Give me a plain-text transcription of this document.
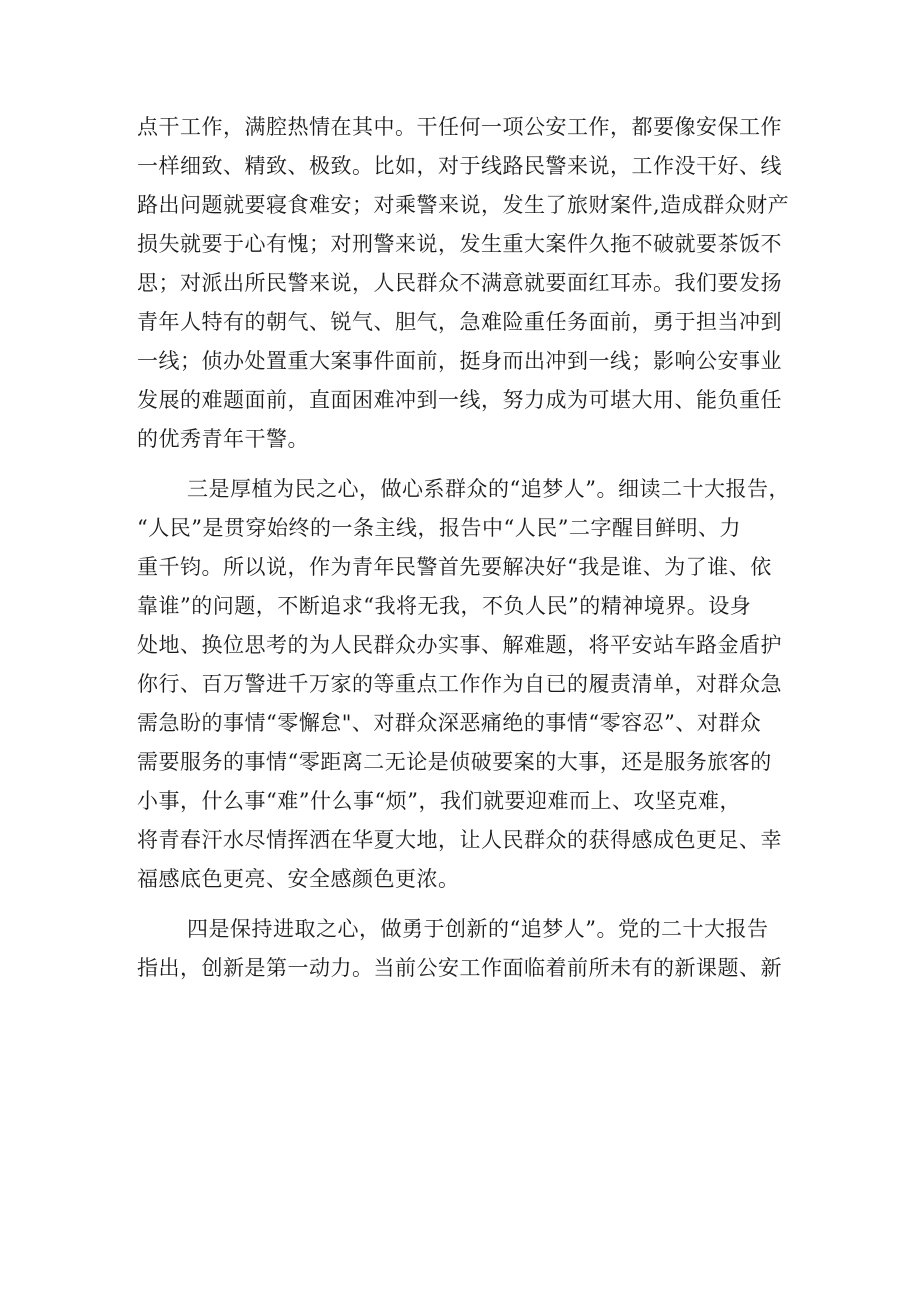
点干工作，满腔热情在其中。干任何一项公安工作，都要像安保工作
一样细致、精致、极致。比如，对于线路民警来说，工作没干好、线
路出问题就要寝食难安；对乘警来说，发生了旅财案件,造成群众财产
损失就要于心有愧；对刑警来说，发生重大案件久拖不破就要茶饭不
思；对派出所民警来说，人民群众不满意就要面红耳赤。我们要发扬
青年人特有的朝气、锐气、胆气，急难险重任务面前，勇于担当冲到
一线；侦办处置重大案事件面前，挺身而出冲到一线；影响公安事业
发展的难题面前，直面困难冲到一线，努力成为可堪大用、能负重任
的优秀青年干警。
三是厚植为民之心，做心系群众的“追梦人”。细读二十大报告，
“人民”是贯穿始终的一条主线，报告中“人民”二字醒目鲜明、力
重千钧。所以说，作为青年民警首先要解决好“我是谁、为了谁、依
靠谁”的问题，不断追求“我将无我，不负人民”的精神境界。设身
处地、换位思考的为人民群众办实事、解难题，将平安站车路金盾护
你行、百万警进千万家的等重点工作作为自已的履责清单，对群众急
需急盼的事情“零懈怠"、对群众深恶痛绝的事情“零容忍”、对群众
需要服务的事情“零距离二无论是侦破要案的大事，还是服务旅客的
小事，什么事“难”什么事“烦”，我们就要迎难而上、攻坚克难，
将青春汗水尽情挥洒在华夏大地，让人民群众的获得感成色更足、幸
福感底色更亮、安全感颜色更浓。
四是保持进取之心，做勇于创新的“追梦人”。党的二十大报告
指出，创新是第一动力。当前公安工作面临着前所未有的新课题、新
